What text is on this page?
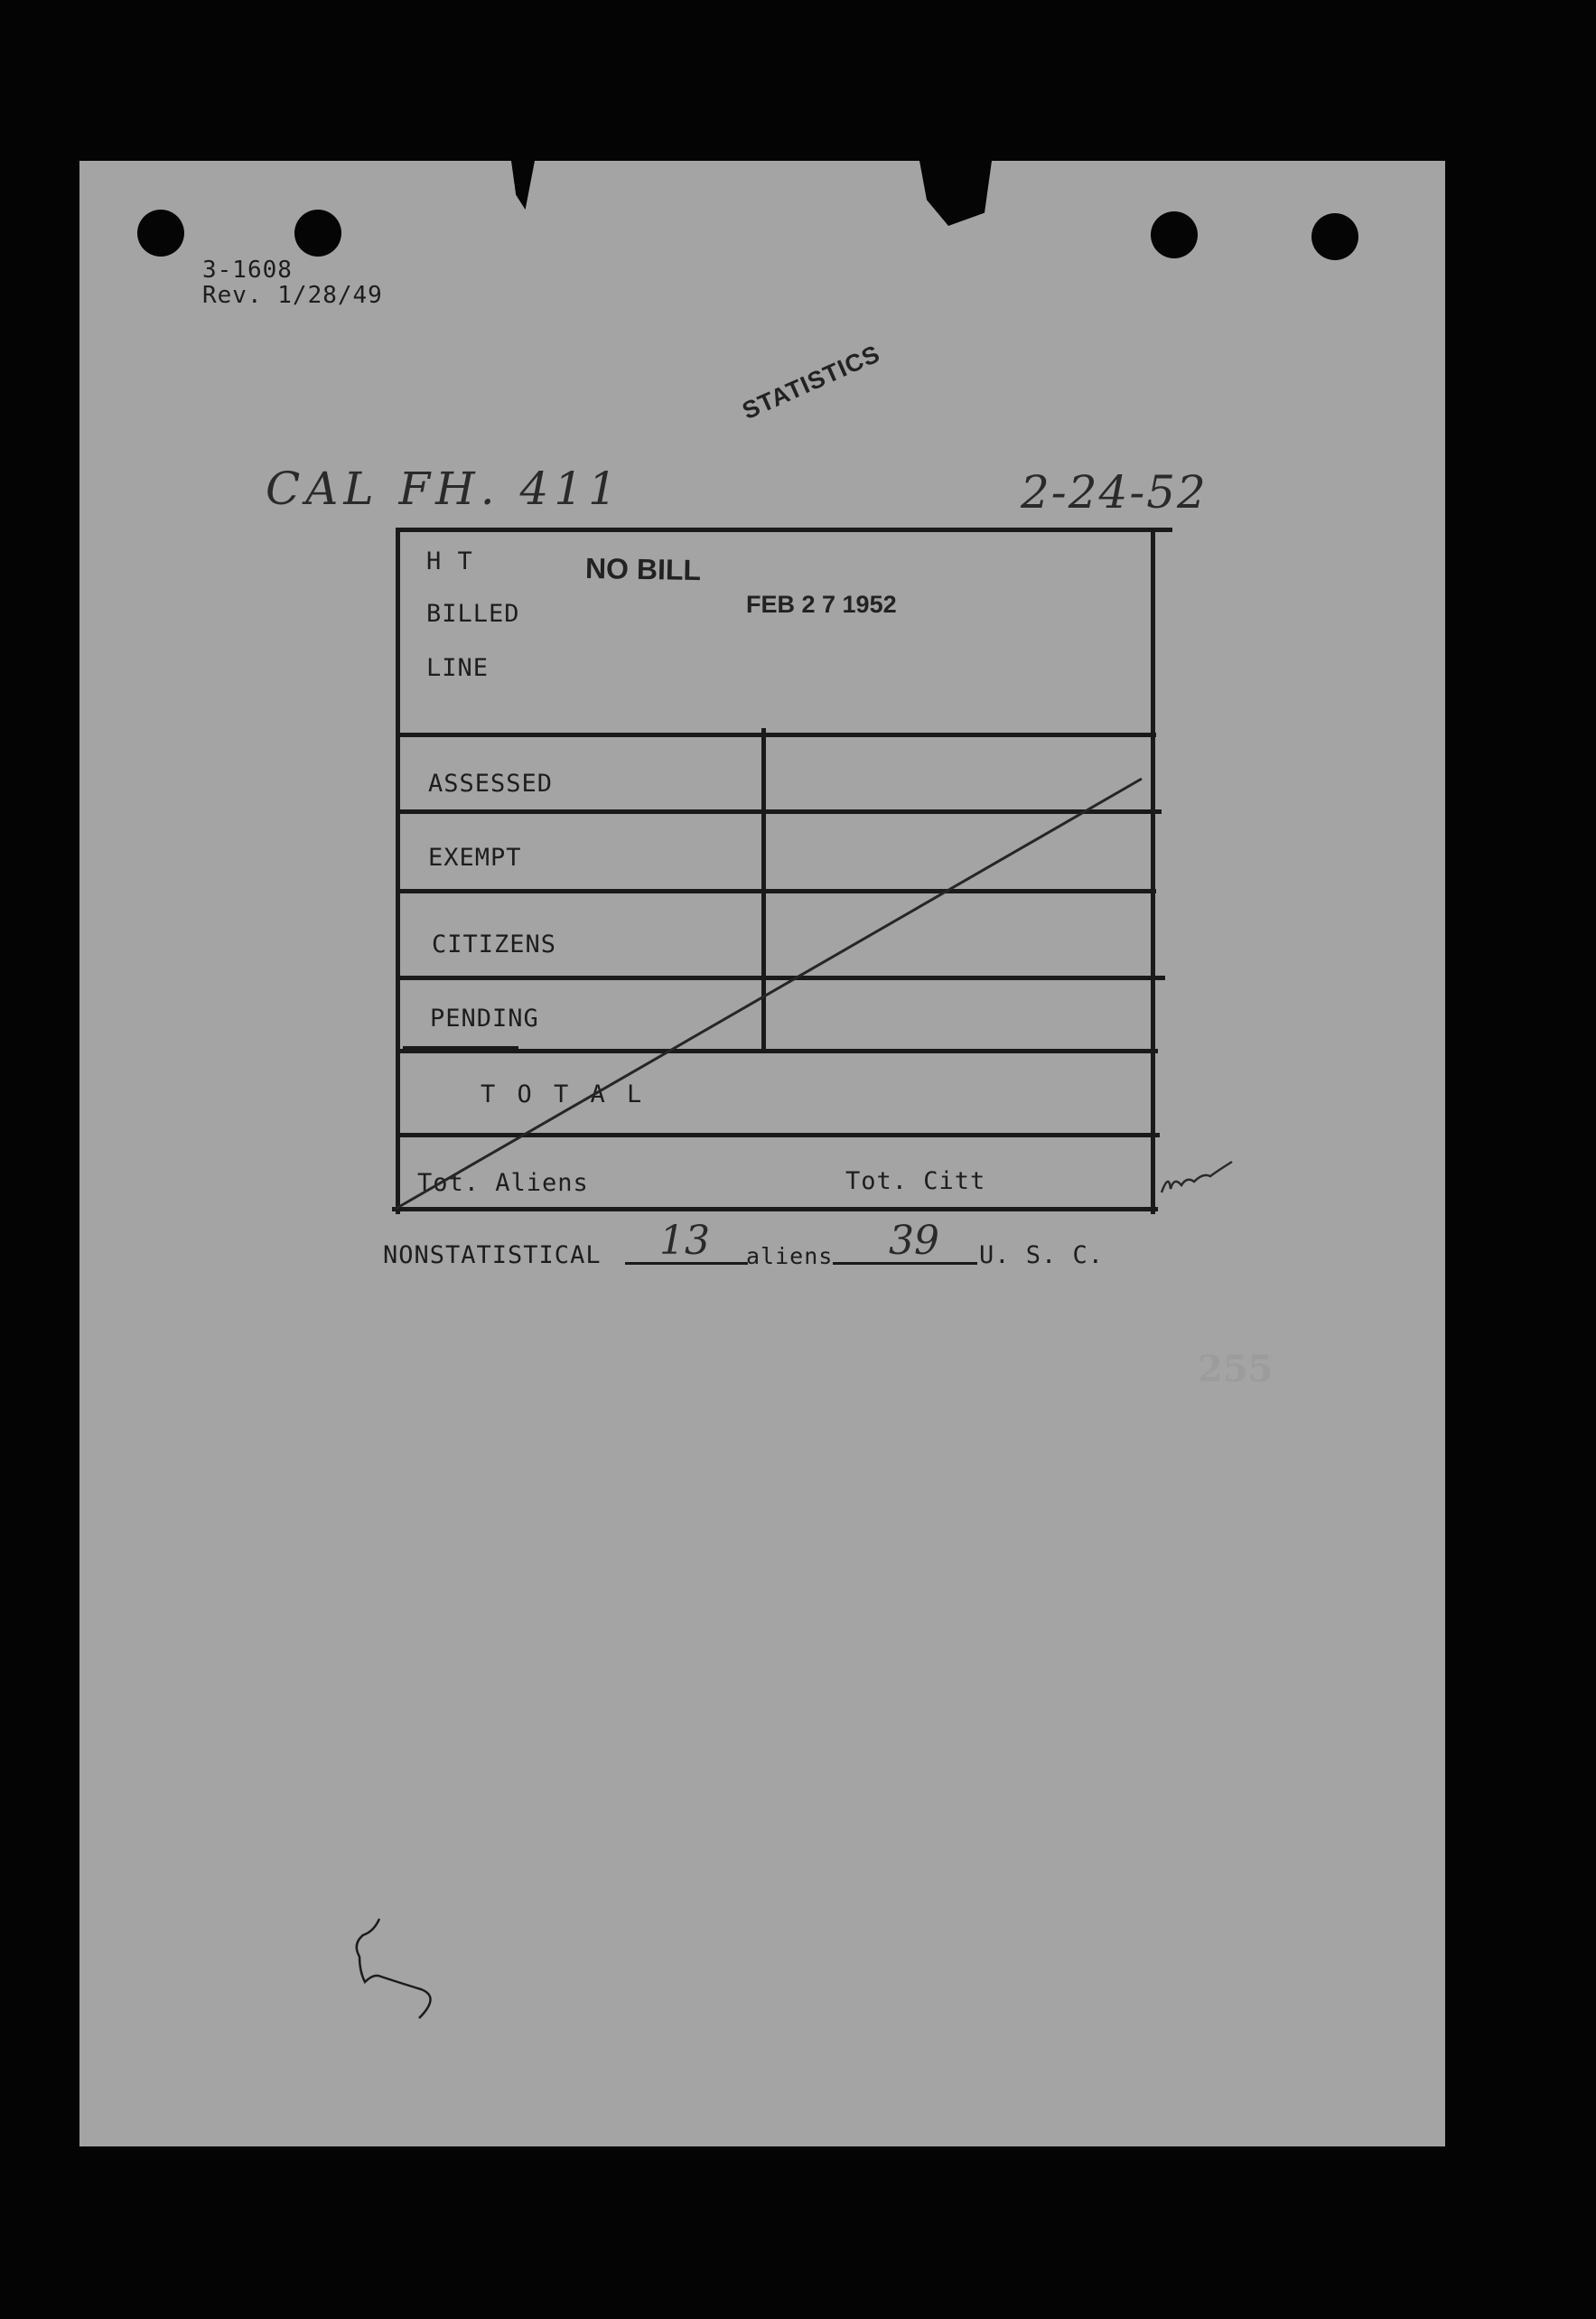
3-1608
Rev. 1/28/49
STATISTICS
CAL FH. 411	2-24-52
H T
BILLED
LINE
NO BILL
FEB 2 7 1952
ASSESSED
EXEMPT
CITIZENS
PENDING
T O T A L
Tot. Aliens	Tot. Citt
NONSTATISTICAL 13 aliens 39 U. S. C.
255
